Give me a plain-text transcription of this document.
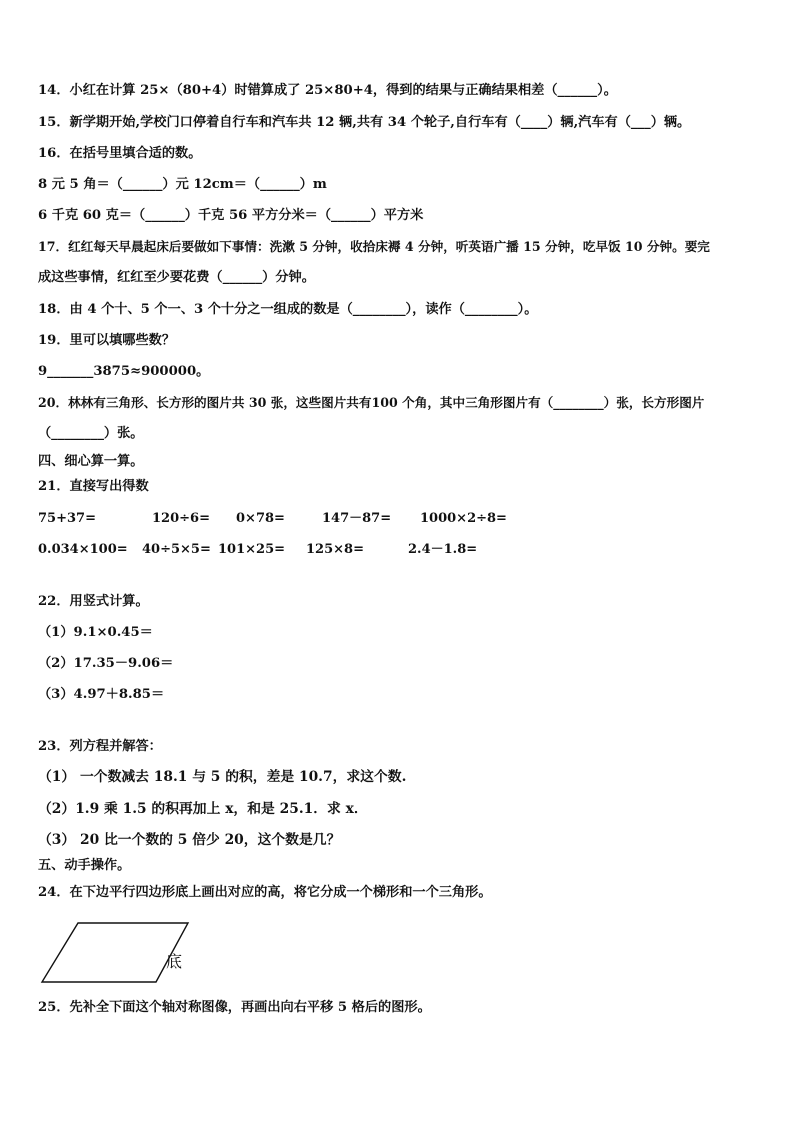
14．小红在计算 25×（80+4）时错算成了 25×80+4，得到的结果与正确结果相差（______）。
15．新学期开始,学校门口停着自行车和汽车共 12 辆,共有 34 个轮子,自行车有（____）辆,汽车有（___）辆。
16．在括号里填合适的数。
8 元 5 角＝（______）元 12cm＝（______）m
6 千克 60 克＝（______）千克 56 平方分米＝（______）平方米
17．红红每天早晨起床后要做如下事情：洗漱 5 分钟，收拾床褥 4 分钟，听英语广播 15 分钟，吃早饭 10 分钟。要完
成这些事情，红红至少要花费（______）分钟。
18．由 4 个十、5 个一、3 个十分之一组成的数是（________），读作（________）。
19．里可以填哪些数？
9_______3875≈900000。
20．林林有三角形、长方形的图片共 30 张，这些图片共有100 个角，其中三角形图片有（________）张，长方形图片
（________）张。
四、细心算一算。
21．直接写出得数
75+37=	120÷6= 0×78=	147－87= 1000×2÷8=
0.034×100= 40÷5×5= 101×25= 125×8=	2.4－1.8=
22．用竖式计算。
（1）9.1×0.45＝
（2）17.35－9.06＝
（3）4.97＋8.85＝
23．列方程并解答：
（1） 一个数减去 18.1 与 5 的积，差是 10.7，求这个数.
（2）1.9 乘 1.5 的积再加上 x，和是 25.1．求 x．
（3） 20 比一个数的 5 倍少 20，这个数是几？
五、动手操作。
24．在下边平行四边形底上画出对应的高，将它分成一个梯形和一个三角形。
底
25．先补全下面这个轴对称图像，再画出向右平移 5 格后的图形。
